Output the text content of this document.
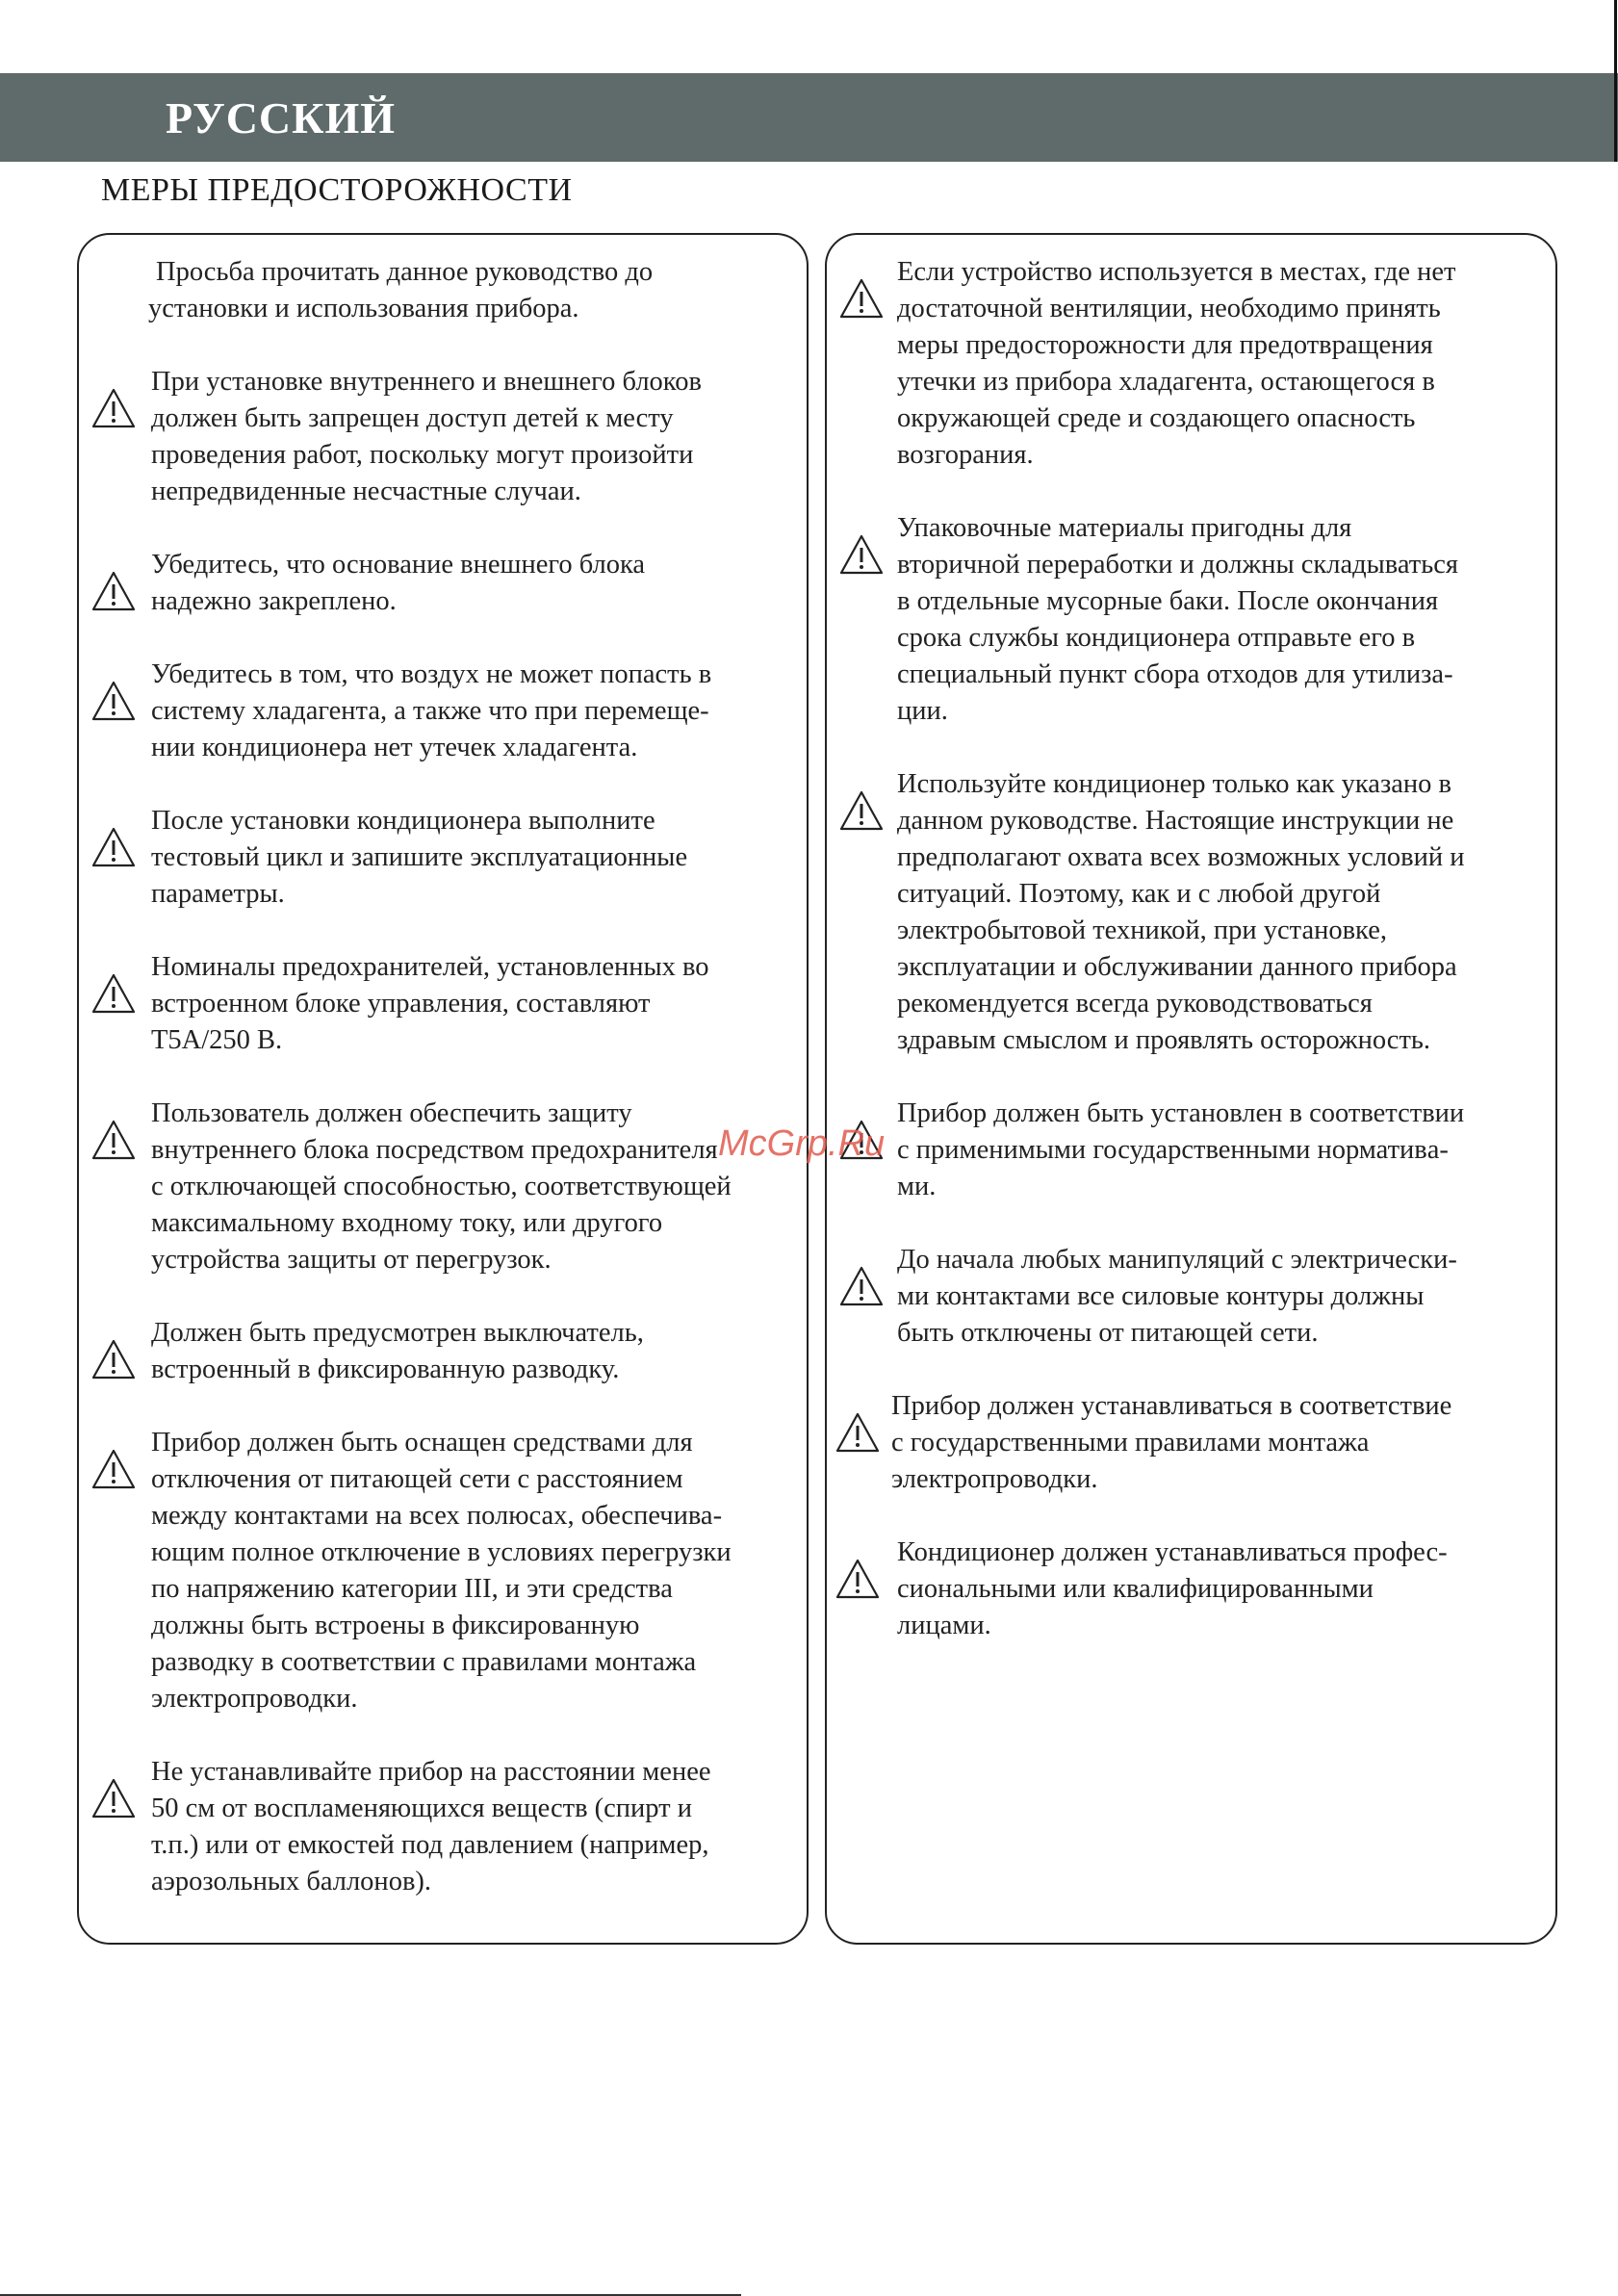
РУССКИЙ
МЕРЫ ПРЕДОСТОРОЖНОСТИ
Просьба прочитать данное руководство до
установки и использования прибора.
При установке внутреннего и внешнего блоков
должен быть запрещен доступ детей к месту
проведения работ, поскольку могут произойти
непредвиденные несчастные случаи.
Убедитесь, что основание внешнего блока
надежно закреплено.
Убедитесь в том, что воздух не может попасть в
систему хладагента, а также что при перемеще-
нии кондиционера нет утечек хладагента.
После установки кондиционера выполните
тестовый цикл и запишите эксплуатационные
параметры.
Номиналы предохранителей, установленных во
встроенном блоке управления, составляют
T5A/250 В.
Пользователь должен обеспечить защиту
внутреннего блока посредством предохранителя
с отключающей способностью, соответствующей
максимальному входному току, или другого
устройства защиты от перегрузок.
Должен быть предусмотрен выключатель,
встроенный в фиксированную разводку.
Прибор должен быть оснащен средствами для
отключения от питающей сети с расстоянием
между контактами на всех полюсах, обеспечива-
ющим полное отключение в условиях перегрузки
по напряжению категории III, и эти средства
должны быть встроены в фиксированную
разводку в соответствии с правилами монтажа
электропроводки.
Не устанавливайте прибор на расстоянии менее
50 см от воспламеняющихся веществ (спирт и
т.п.) или от емкостей под давлением (например,
аэрозольных баллонов).
Если устройство используется в местах, где нет
достаточной вентиляции, необходимо принять
меры предосторожности для предотвращения
утечки из прибора хладагента, остающегося в
окружающей среде и создающего опасность
возгорания.
Упаковочные материалы пригодны для
вторичной переработки и должны складываться
в отдельные мусорные баки. После окончания
срока службы кондиционера отправьте его в
специальный пункт сбора отходов для утилиза-
ции.
Используйте кондиционер только как указано в
данном руководстве. Настоящие инструкции не
предполагают охвата всех возможных условий и
ситуаций. Поэтому, как и с любой другой
электробытовой техникой, при установке,
эксплуатации и обслуживании данного прибора
рекомендуется всегда руководствоваться
здравым смыслом и проявлять осторожность.
Прибор должен быть установлен в соответствии
с применимыми государственными нормативa-
ми.
До начала любых манипуляций с электрически-
ми контактами все силовые контуры должны
быть отключены от питающей сети.
Прибор должен устанавливаться в соответствие
с государственными правилами монтажа
электропроводки.
Кондиционер должен устанавливаться профес-
сиональными или квалифицированными
лицами.
McGrp.Ru
